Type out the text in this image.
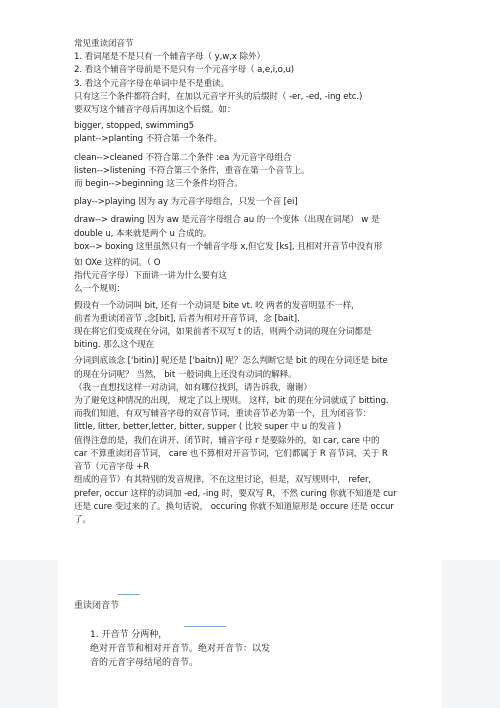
常见重读闭音节
1. 看词尾是不是只有一个辅音字母（ y,w,x 除外）
2. 看这个辅音字母前是不是只有一个元音字母（ a,e,i,o,u)
3. 看这个元音字母在单词中是不是重读。
只有这三个条件都符合时，在加以元音字开头的后缀时（ -er, -ed, -ing etc.)
要双写这个辅音字母后再加这个后缀。如：
bigger, stopped, swimming5
plant-->planting 不符合第一个条件。
clean-->cleaned 不符合第二个条件 :ea 为元音字母组合
listen-->listening 不符合第三个条件，重音在第一个音节上。
而 begin-->beginning 这三个条件均符合。
play-->playing 因为 ay 为元音字母组合，只发一个音 [ei]
draw--> drawing 因为 aw 是元音字母组合 au 的一个变体（出现在词尾） w 是
double u, 本来就是两个 u 合成的。
box--> boxing 这里虽然只有一个辅音字母 x,但它发 [ks], 且相对开音节中没有形
如 OXe 这样的词。（ O
指代元音字母）下面讲一讲为什么要有这
么一个规则：
假设有一个动词叫 bit, 还有一个动词是 bite vt. 咬 两者的发音明显不一样，
前者为重读闭音节 ,念[bit], 后者为相对开音节词，念 [bait].
现在将它们变成现在分词，如果前者不双写 t 的话，则两个动词的现在分词都是
biting. 那么这个现在
分词到底该念 [‘bitin)] 呢还是 ['baitn)] 呢？怎么判断它是 bit 的现在分词还是 bite
的现在分词呢？ 当然， bit 一般词典上还没有动词的解释。
（我一直想找这样一对动词，如有哪位找到，请告诉我，谢谢）
为了避免这种情况的出现， 规定了以上规则。 这样，bit 的现在分词就成了 bitting.
而我们知道，有双写辅音字母的双音节词，重读音节必为第一个，且为闭音节：
little, litter, better,letter, bitter, supper ( 比较 super 中 u 的发音 )
值得注意的是，我们在讲开、闭节时，辅音字母 r 是要除外的，如 car, care 中的
car 不算重读闭音节词， care 也不算相对开音节词，它们都属于 R 音节词，关于 R
音节（元音字母 +R
组成的音节）有其特别的发音规律，不在这里讨论，但是，双写规则中， refer,
prefer, occur 这样的动词加 -ed, -ing 时，要双写 R，不然 curing 你就不知道是 cur
还是 cure 变过来的了。换句话说， occuring 你就不知道原形是 occure 还是 occur
了。
重读闭音节
1. 开音节 分两种，
绝对开音节和相对开音节。绝对开音节：以发
音的元音字母结尾的音节。
